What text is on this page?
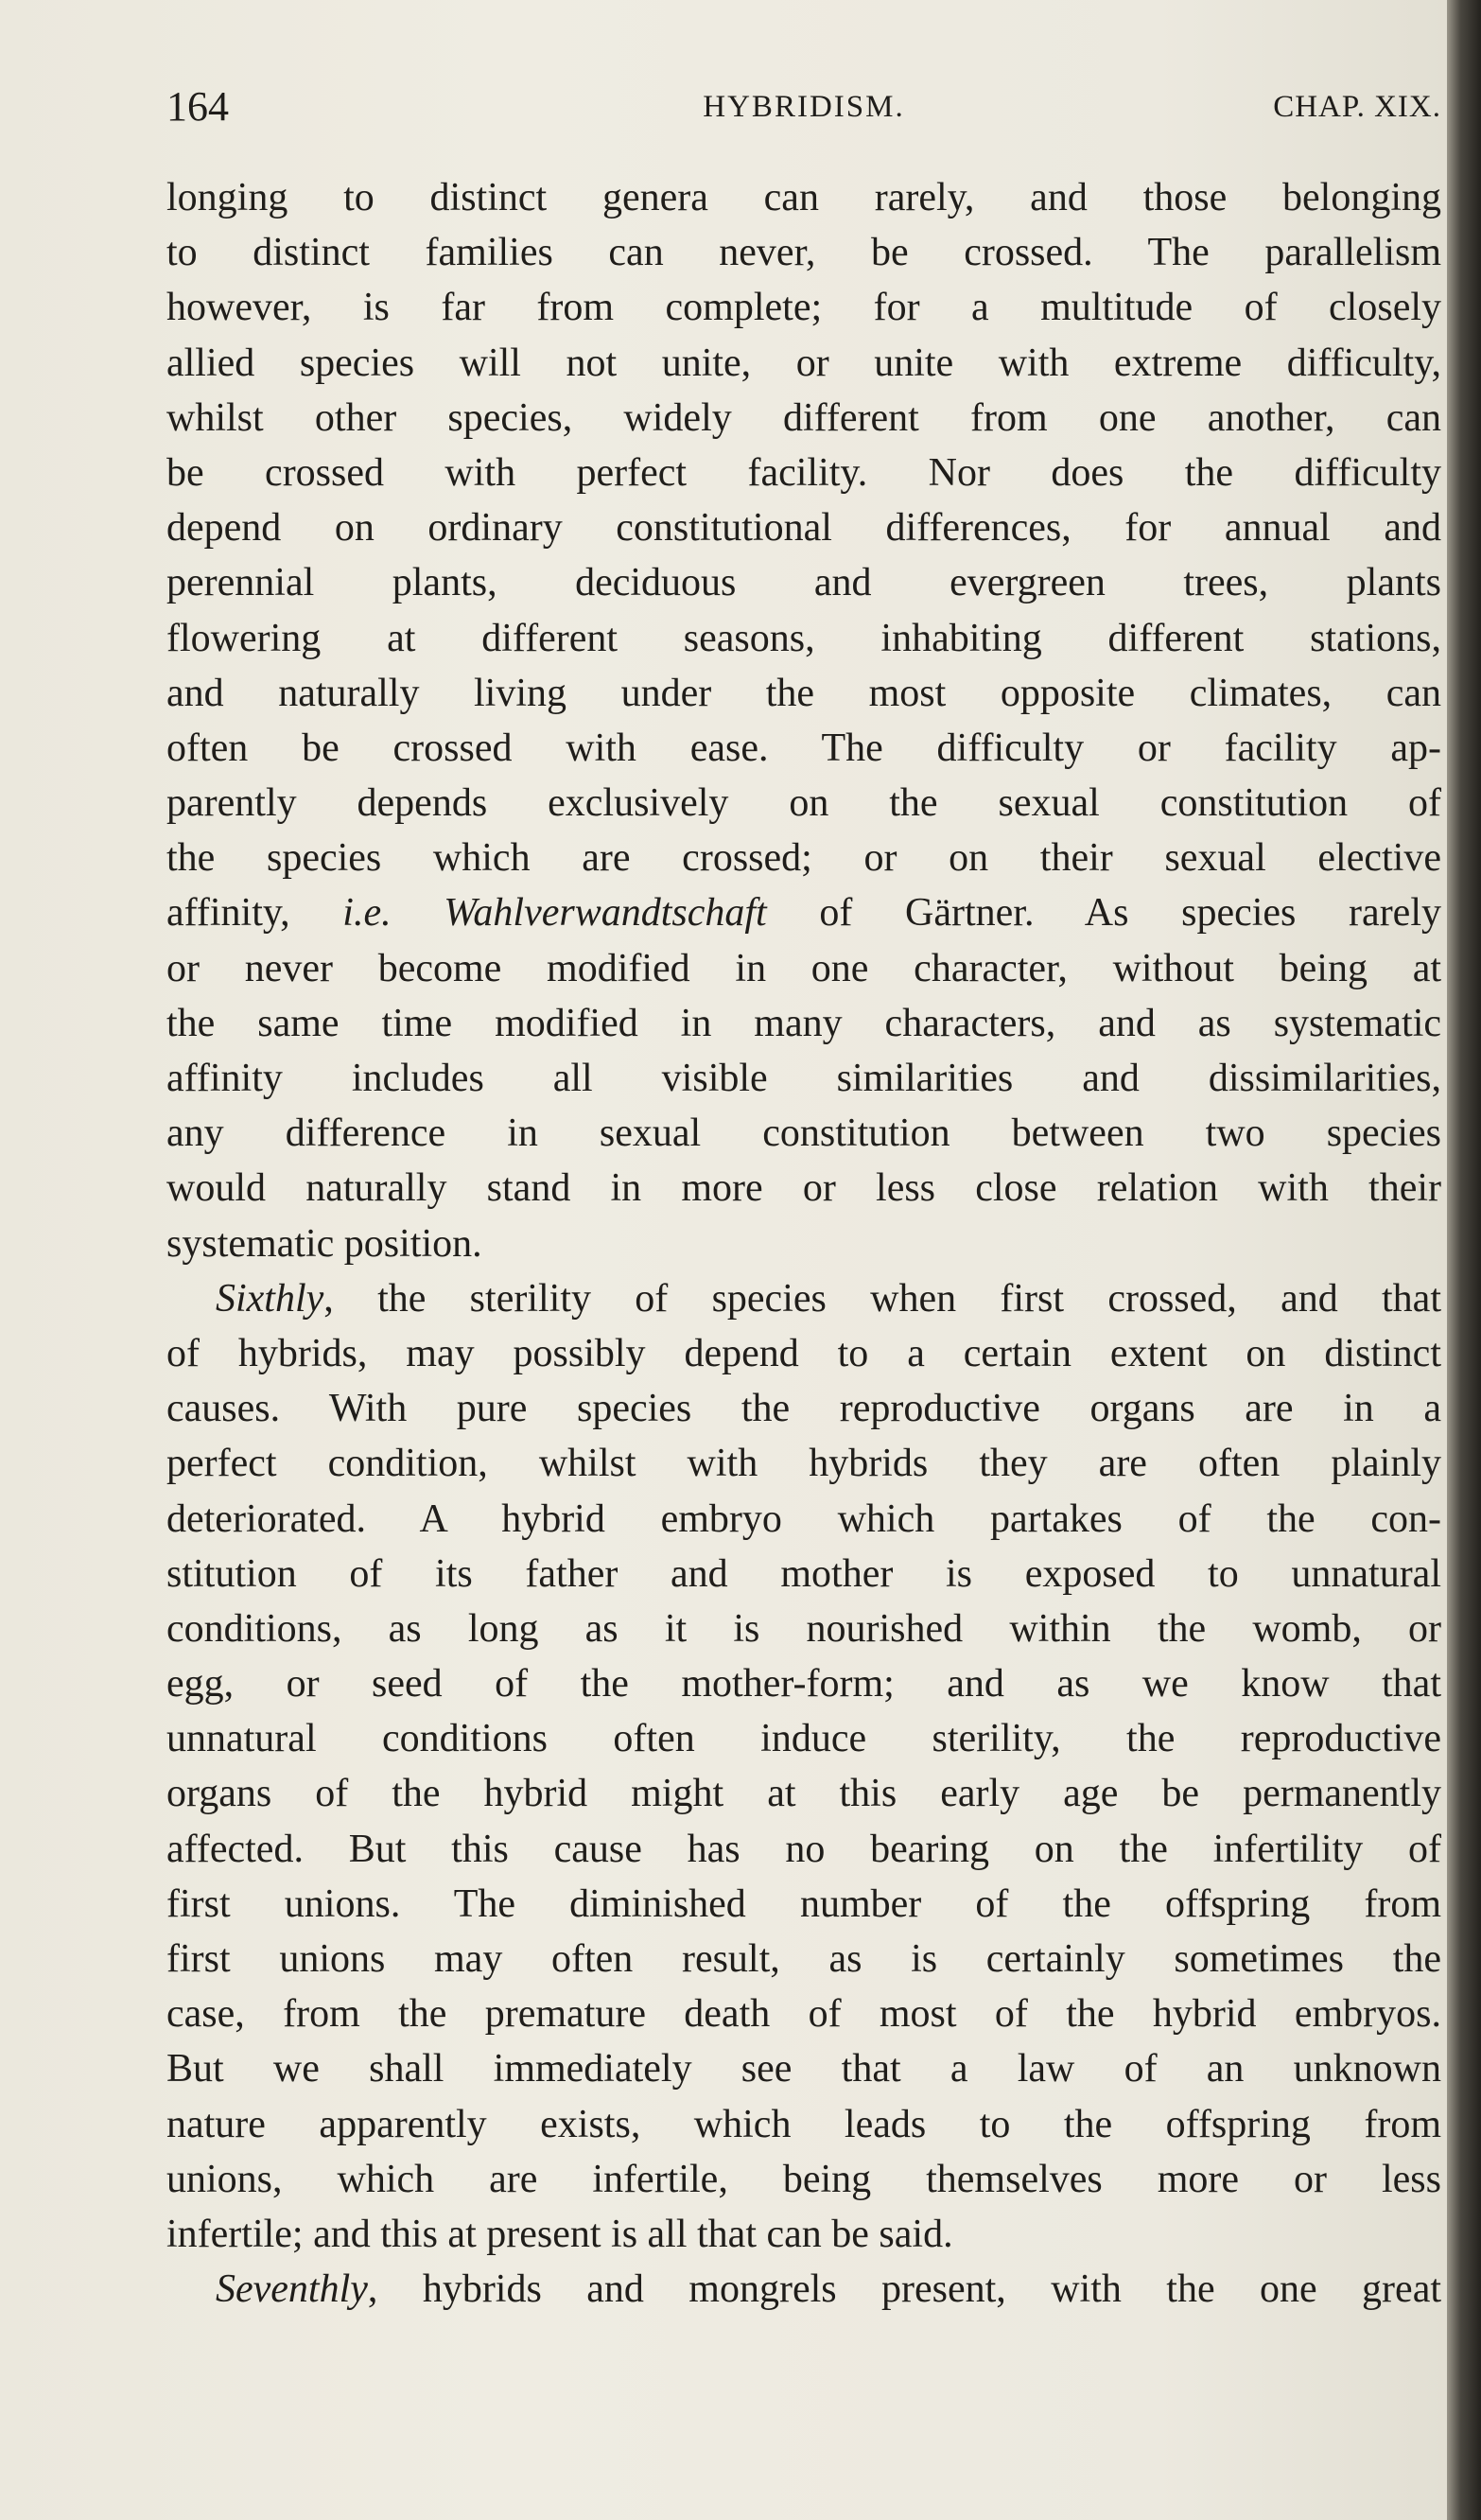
164	HYBRIDISM.	CHAP. XIX.
longing to distinct genera can rarely, and those belonging
to distinct families can never, be crossed. The parallelism
however, is far from complete; for a multitude of closely
allied species will not unite, or unite with extreme difficulty,
whilst other species, widely different from one another, can
be crossed with perfect facility. Nor does the difficulty
depend on ordinary constitutional differences, for annual and
perennial plants, deciduous and evergreen trees, plants
flowering at different seasons, inhabiting different stations,
and naturally living under the most opposite climates, can
often be crossed with ease. The difficulty or facility ap-
parently depends exclusively on the sexual constitution of
the species which are crossed; or on their sexual elective
affinity, i.e. Wahlverwandtschaft of Gärtner. As species rarely
or never become modified in one character, without being at
the same time modified in many characters, and as systematic
affinity includes all visible similarities and dissimilarities,
any difference in sexual constitution between two species
would naturally stand in more or less close relation with their
systematic position.
Sixthly, the sterility of species when first crossed, and that
of hybrids, may possibly depend to a certain extent on distinct
causes. With pure species the reproductive organs are in a
perfect condition, whilst with hybrids they are often plainly
deteriorated. A hybrid embryo which partakes of the con-
stitution of its father and mother is exposed to unnatural
conditions, as long as it is nourished within the womb, or
egg, or seed of the mother-form; and as we know that
unnatural conditions often induce sterility, the reproductive
organs of the hybrid might at this early age be permanently
affected. But this cause has no bearing on the infertility of
first unions. The diminished number of the offspring from
first unions may often result, as is certainly sometimes the
case, from the premature death of most of the hybrid embryos.
But we shall immediately see that a law of an unknown
nature apparently exists, which leads to the offspring from
unions, which are infertile, being themselves more or less
infertile; and this at present is all that can be said.
Seventhly, hybrids and mongrels present, with the one great
